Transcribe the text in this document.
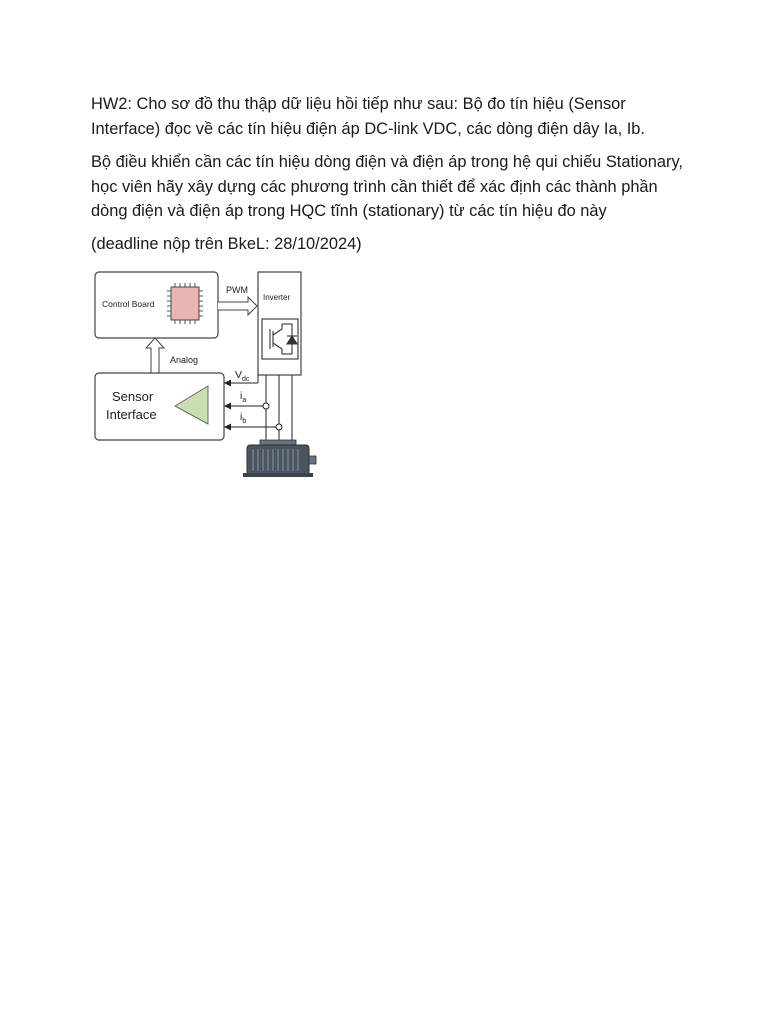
HW2: Cho sơ đồ thu thập dữ liệu hồi tiếp như sau: Bộ đo tín hiệu (Sensor
Interface) đọc về các tín hiệu điện áp DC-link VDC, các dòng điện dây Ia, Ib.
Bộ điều khiển cần các tín hiệu dòng điện và điện áp trong hệ qui chiếu Stationary,
học viên hãy xây dựng các phương trình cần thiết để xác định các thành phần
dòng điện và điện áp trong HQC tĩnh (stationary) từ các tín hiệu đo này
(deadline nộp trên BkeL: 28/10/2024)
Control Board
PWM
Inverter
Analog
Sensor
Interface
$V_{dc}$
$i_a$
$i_b$
